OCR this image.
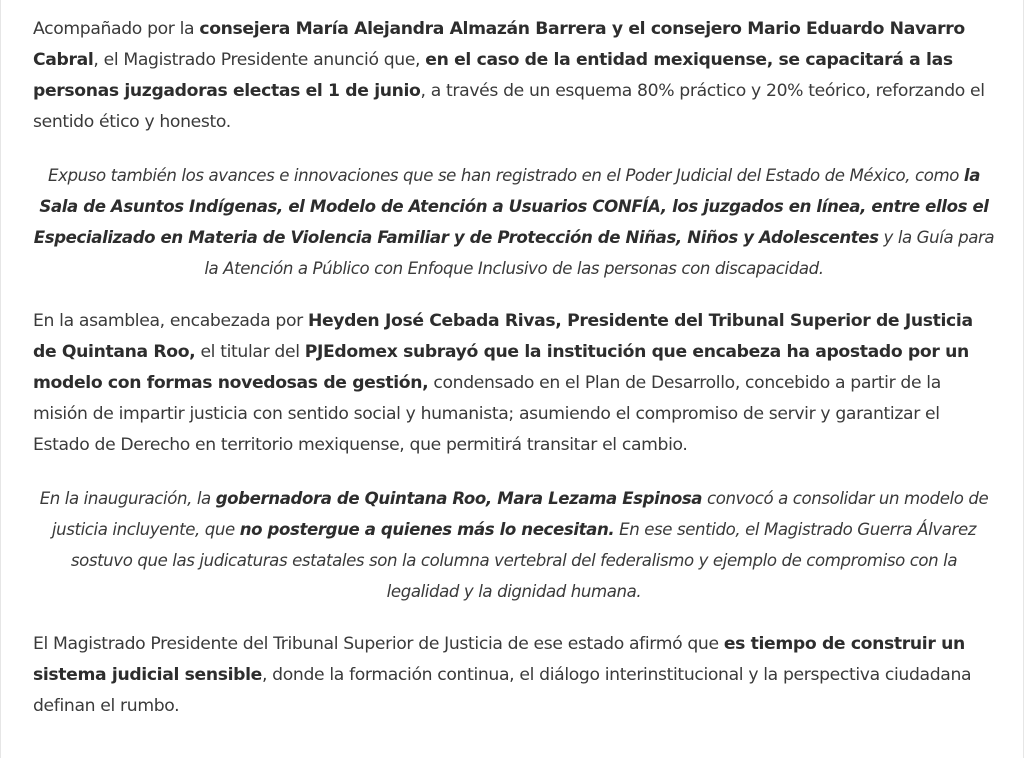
Acompañado por la consejera María Alejandra Almazán Barrera y el consejero Mario Eduardo Navarro Cabral, el Magistrado Presidente anunció que, en el caso de la entidad mexiquense, se capacitará a las personas juzgadoras electas el 1 de junio, a través de un esquema 80% práctico y 20% teórico, reforzando el sentido ético y honesto.

Expuso también los avances e innovaciones que se han registrado en el Poder Judicial del Estado de México, como la Sala de Asuntos Indígenas, el Modelo de Atención a Usuarios CONFÍA, los juzgados en línea, entre ellos el Especializado en Materia de Violencia Familiar y de Protección de Niñas, Niños y Adolescentes y la Guía para la Atención a Público con Enfoque Inclusivo de las personas con discapacidad.

En la asamblea, encabezada por Heyden José Cebada Rivas, Presidente del Tribunal Superior de Justicia de Quintana Roo, el titular del PJEdomex subrayó que la institución que encabeza ha apostado por un modelo con formas novedosas de gestión, condensado en el Plan de Desarrollo, concebido a partir de la misión de impartir justicia con sentido social y humanista; asumiendo el compromiso de servir y garantizar el Estado de Derecho en territorio mexiquense, que permitirá transitar el cambio.

En la inauguración, la gobernadora de Quintana Roo, Mara Lezama Espinosa convocó a consolidar un modelo de justicia incluyente, que no postergue a quienes más lo necesitan. En ese sentido, el Magistrado Guerra Álvarez sostuvo que las judicaturas estatales son la columna vertebral del federalismo y ejemplo de compromiso con la legalidad y la dignidad humana.

El Magistrado Presidente del Tribunal Superior de Justicia de ese estado afirmó que es tiempo de construir un sistema judicial sensible, donde la formación continua, el diálogo interinstitucional y la perspectiva ciudadana definan el rumbo.
